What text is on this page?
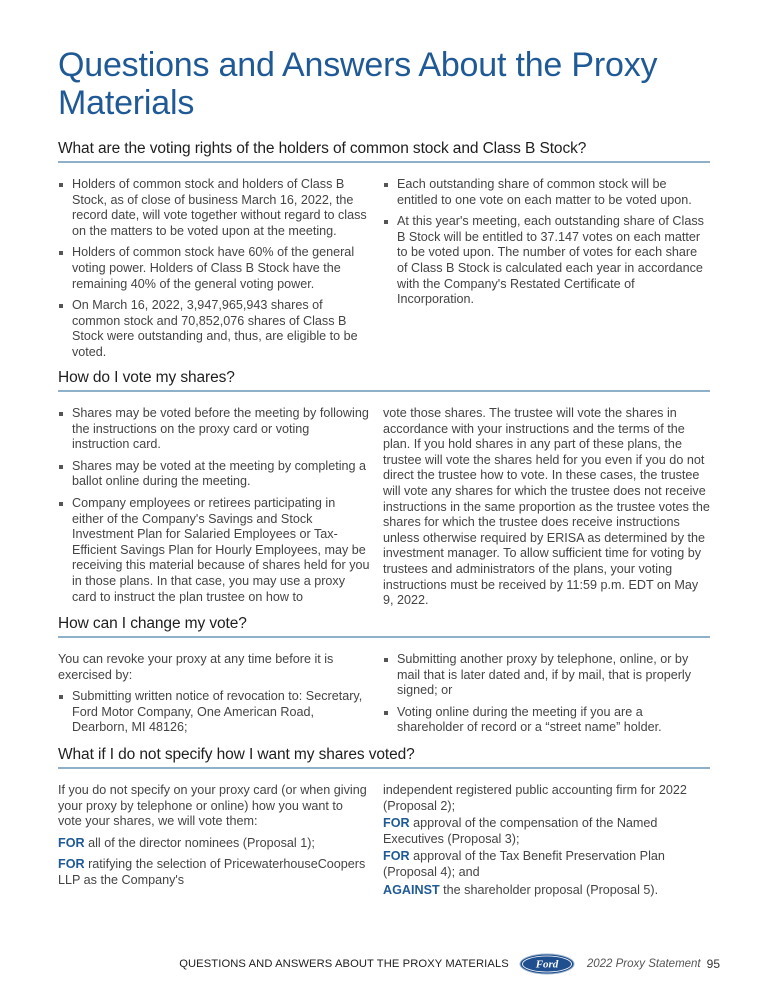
Questions and Answers About the Proxy Materials
What are the voting rights of the holders of common stock and Class B Stock?
Holders of common stock and holders of Class B Stock, as of close of business March 16, 2022, the record date, will vote together without regard to class on the matters to be voted upon at the meeting.
Holders of common stock have 60% of the general voting power. Holders of Class B Stock have the remaining 40% of the general voting power.
On March 16, 2022, 3,947,965,943 shares of common stock and 70,852,076 shares of Class B Stock were outstanding and, thus, are eligible to be voted.
Each outstanding share of common stock will be entitled to one vote on each matter to be voted upon.
At this year's meeting, each outstanding share of Class B Stock will be entitled to 37.147 votes on each matter to be voted upon. The number of votes for each share of Class B Stock is calculated each year in accordance with the Company's Restated Certificate of Incorporation.
How do I vote my shares?
Shares may be voted before the meeting by following the instructions on the proxy card or voting instruction card.
Shares may be voted at the meeting by completing a ballot online during the meeting.
Company employees or retirees participating in either of the Company's Savings and Stock Investment Plan for Salaried Employees or Tax-Efficient Savings Plan for Hourly Employees, may be receiving this material because of shares held for you in those plans. In that case, you may use a proxy card to instruct the plan trustee on how to

vote those shares. The trustee will vote the shares in accordance with your instructions and the terms of the plan. If you hold shares in any part of these plans, the trustee will vote the shares held for you even if you do not direct the trustee how to vote. In these cases, the trustee will vote any shares for which the trustee does not receive instructions in the same proportion as the trustee votes the shares for which the trustee does receive instructions unless otherwise required by ERISA as determined by the investment manager. To allow sufficient time for voting by trustees and administrators of the plans, your voting instructions must be received by 11:59 p.m. EDT on May 9, 2022.

How can I change my vote?

You can revoke your proxy at any time before it is exercised by:

Submitting written notice of revocation to: Secretary, Ford Motor Company, One American Road, Dearborn, MI 48126;
Submitting another proxy by telephone, online, or by mail that is later dated and, if by mail, that is properly signed; or
Voting online during the meeting if you are a shareholder of record or a “street name” holder.
What if I do not specify how I want my shares voted?

If you do not specify on your proxy card (or when giving your proxy by telephone or online) how you want to vote your shares, we will vote them:

FOR all of the director nominees (Proposal 1);

FOR ratifying the selection of PricewaterhouseCoopers LLP as the Company's

independent registered public accounting firm for 2022 (Proposal 2);

FOR approval of the compensation of the Named Executives (Proposal 3);

FOR approval of the Tax Benefit Preservation Plan (Proposal 4); and

AGAINST the shareholder proposal (Proposal 5).

QUESTIONS AND ANSWERS ABOUT THE PROXY MATERIALS Ford 2022 Proxy Statement 95
